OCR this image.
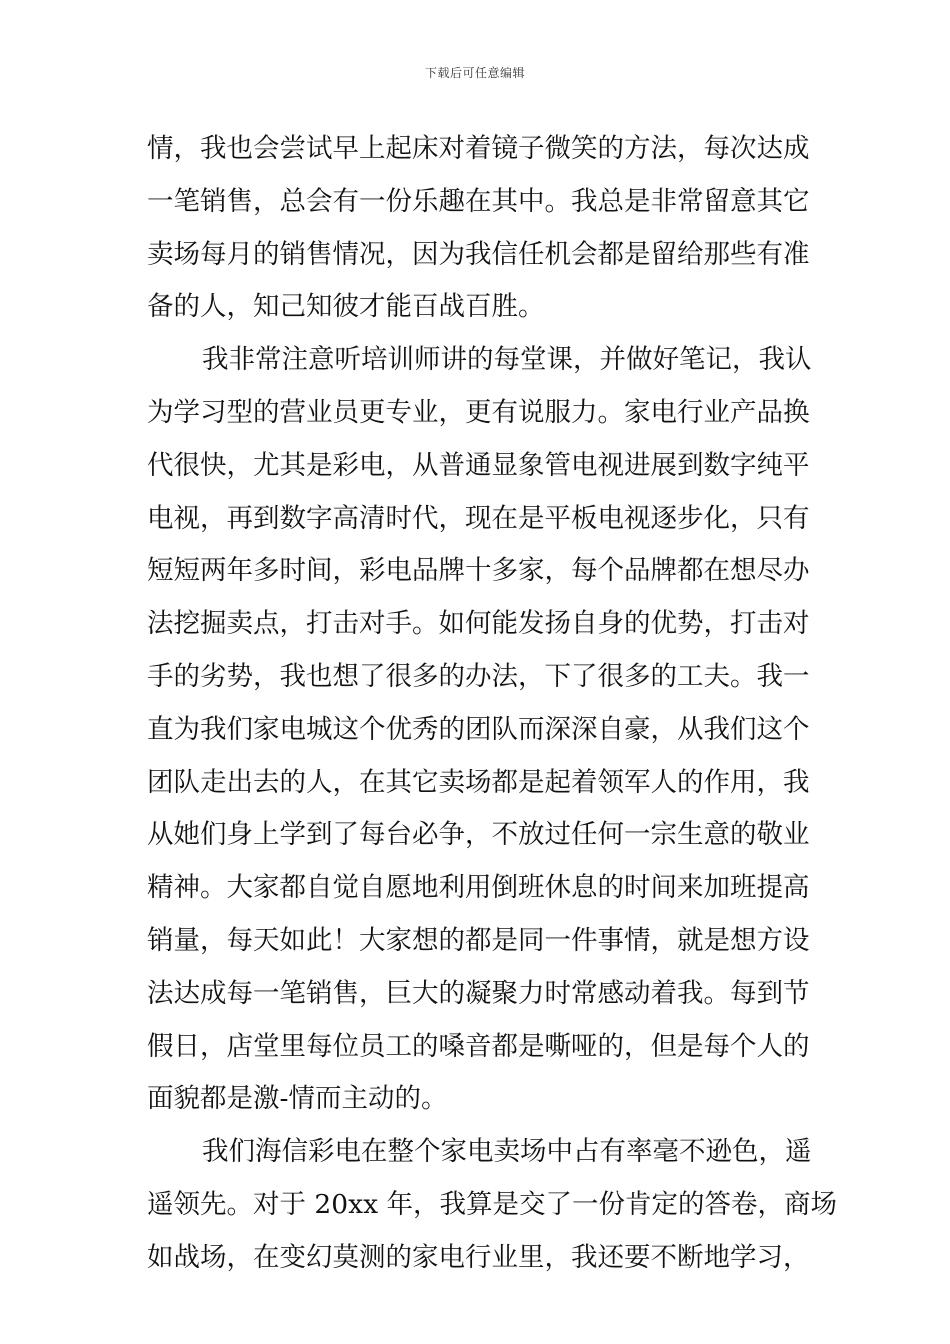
下载后可任意编辑
情，我也会尝试早上起床对着镜子微笑的方法，每次达成
一笔销售，总会有一份乐趣在其中。我总是非常留意其它
卖场每月的销售情况，因为我信任机会都是留给那些有准
备的人，知己知彼才能百战百胜。
我非常注意听培训师讲的每堂课，并做好笔记，我认
为学习型的营业员更专业，更有说服力。家电行业产品换
代很快，尤其是彩电，从普通显象管电视进展到数字纯平
电视，再到数字高清时代，现在是平板电视逐步化，只有
短短两年多时间，彩电品牌十多家，每个品牌都在想尽办
法挖掘卖点，打击对手。如何能发扬自身的优势，打击对
手的劣势，我也想了很多的办法，下了很多的工夫。我一
直为我们家电城这个优秀的团队而深深自豪，从我们这个
团队走出去的人，在其它卖场都是起着领军人的作用，我
从她们身上学到了每台必争，不放过任何一宗生意的敬业
精神。大家都自觉自愿地利用倒班休息的时间来加班提高
销量，每天如此！大家想的都是同一件事情，就是想方设
法达成每一笔销售，巨大的凝聚力时常感动着我。每到节
假日，店堂里每位员工的嗓音都是嘶哑的，但是每个人的
面貌都是激-情而主动的。
我们海信彩电在整个家电卖场中占有率毫不逊色，遥
遥领先。对于 20xx 年，我算是交了一份肯定的答卷，商场
如战场，在变幻莫测的家电行业里，我还要不断地学习，
